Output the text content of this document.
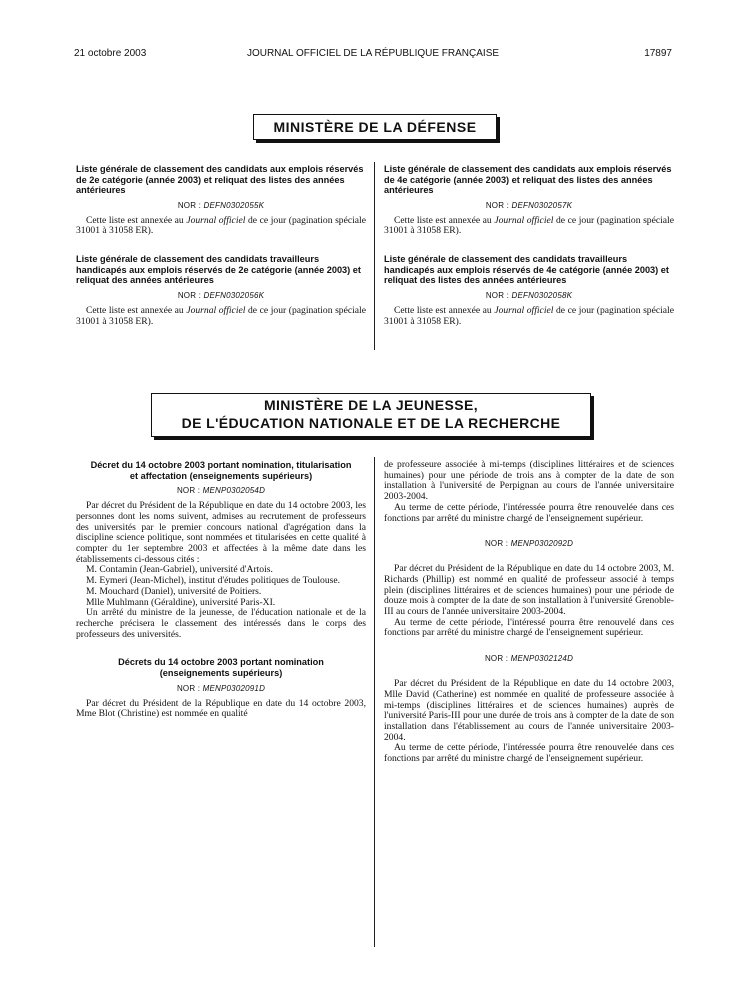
21 octobre 2003	JOURNAL OFFICIEL DE LA RÉPUBLIQUE FRANÇAISE	17897
MINISTÈRE DE LA DÉFENSE
Liste générale de classement des candidats aux emplois réservés de 2e catégorie (année 2003) et reliquat des listes des années antérieures
NOR : DEFN0302055K

Cette liste est annexée au Journal officiel de ce jour (pagination spéciale 31001 à 31058 ER).

Liste générale de classement des candidats travailleurs handicapés aux emplois réservés de 2e catégorie (année 2003) et reliquat des années antérieures
NOR : DEFN0302056K

Cette liste est annexée au Journal officiel de ce jour (pagination spéciale 31001 à 31058 ER).

Liste générale de classement des candidats aux emplois réservés de 4e catégorie (année 2003) et reliquat des listes des années antérieures
NOR : DEFN0302057K

Cette liste est annexée au Journal officiel de ce jour (pagination spéciale 31001 à 31058 ER).

Liste générale de classement des candidats travailleurs handicapés aux emplois réservés de 4e catégorie (année 2003) et reliquat des listes des années antérieures
NOR : DEFN0302058K

Cette liste est annexée au Journal officiel de ce jour (pagination spéciale 31001 à 31058 ER).

MINISTÈRE DE LA JEUNESSE,
DE L'ÉDUCATION NATIONALE ET DE LA RECHERCHE
Décret du 14 octobre 2003 portant nomination, titularisation et affectation (enseignements supérieurs)
NOR : MENP0302054D

Par décret du Président de la République en date du 14 octobre 2003, les personnes dont les noms suivent, admises au recrutement de professeurs des universités par le premier concours national d'agrégation dans la discipline science politique, sont nommées et titularisées en cette qualité à compter du 1er septembre 2003 et affectées à la même date dans les établissements ci-dessous cités :

M. Contamin (Jean-Gabriel), université d'Artois.

M. Eymeri (Jean-Michel), institut d'études politiques de Toulouse.

M. Mouchard (Daniel), université de Poitiers.

Mlle Muhlmann (Géraldine), université Paris-XI.

Un arrêté du ministre de la jeunesse, de l'éducation nationale et de la recherche précisera le classement des intéressés dans le corps des professeurs des universités.

Décrets du 14 octobre 2003 portant nomination (enseignements supérieurs)
NOR : MENP0302091D

Par décret du Président de la République en date du 14 octobre 2003, Mme Blot (Christine) est nommée en qualité

de professeure associée à mi-temps (disciplines littéraires et de sciences humaines) pour une période de trois ans à compter de la date de son installation à l'université de Perpignan au cours de l'année universitaire 2003-2004.

Au terme de cette période, l'intéressée pourra être renouvelée dans ces fonctions par arrêté du ministre chargé de l'enseignement supérieur.

NOR : MENP0302092D

Par décret du Président de la République en date du 14 octobre 2003, M. Richards (Phillip) est nommé en qualité de professeur associé à temps plein (disciplines littéraires et de sciences humaines) pour une période de douze mois à compter de la date de son installation à l'université Grenoble-III au cours de l'année universitaire 2003-2004.

Au terme de cette période, l'intéressé pourra être renouvelé dans ces fonctions par arrêté du ministre chargé de l'enseignement supérieur.

NOR : MENP0302124D

Par décret du Président de la République en date du 14 octobre 2003, Mlle David (Catherine) est nommée en qualité de professeure associée à mi-temps (disciplines littéraires et de sciences humaines) auprès de l'université Paris-III pour une durée de trois ans à compter de la date de son installation dans l'établissement au cours de l'année universitaire 2003-2004.

Au terme de cette période, l'intéressée pourra être renouvelée dans ces fonctions par arrêté du ministre chargé de l'enseignement supérieur.
